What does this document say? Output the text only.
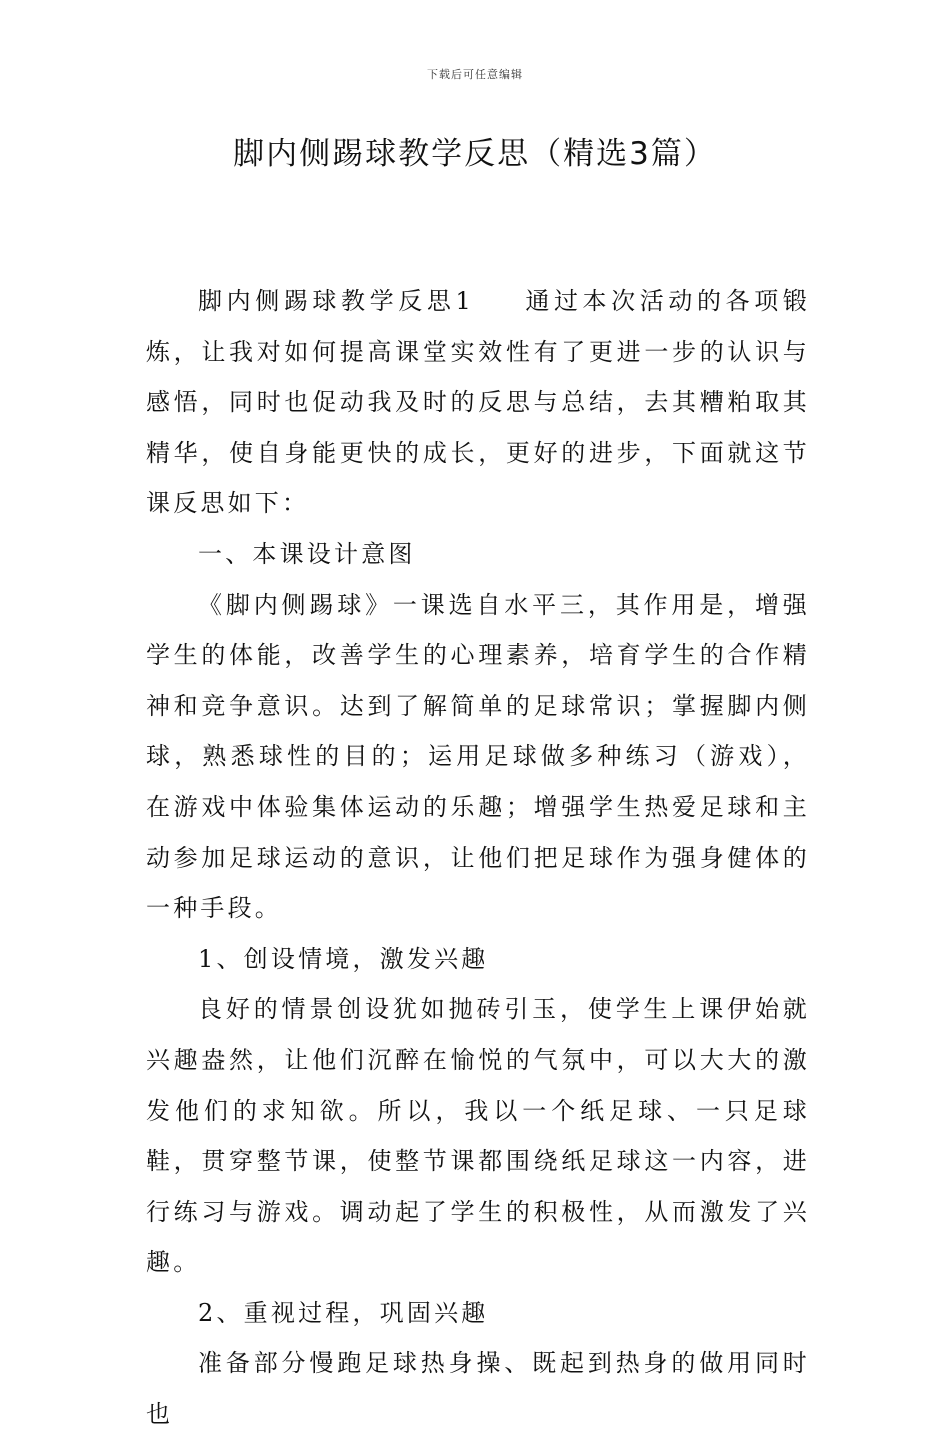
下载后可任意编辑
脚内侧踢球教学反思（精选3篇）

脚内侧踢球教学反思1 通过本次活动的各项锻炼，让我对如何提高课堂实效性有了更进一步的认识与感悟，同时也促动我及时的反思与总结，去其糟粕取其精华，使自身能更快的成长，更好的进步，下面就这节课反思如下：

一、本课设计意图

《脚内侧踢球》一课选自水平三，其作用是，增强学生的体能，改善学生的心理素养，培育学生的合作精神和竞争意识。达到了解简单的足球常识；掌握脚内侧球，熟悉球性的目的；运用足球做多种练习（游戏），在游戏中体验集体运动的乐趣；增强学生热爱足球和主动参加足球运动的意识，让他们把足球作为强身健体的一种手段。

1、创设情境，激发兴趣

良好的情景创设犹如抛砖引玉，使学生上课伊始就兴趣盎然，让他们沉醉在愉悦的气氛中，可以大大的激发他们的求知欲。所以，我以一个纸足球、一只足球鞋，贯穿整节课，使整节课都围绕纸足球这一内容，进行练习与游戏。调动起了学生的积极性，从而激发了兴趣。

2、重视过程，巩固兴趣

准备部分慢跑足球热身操、既起到热身的做用同时也
